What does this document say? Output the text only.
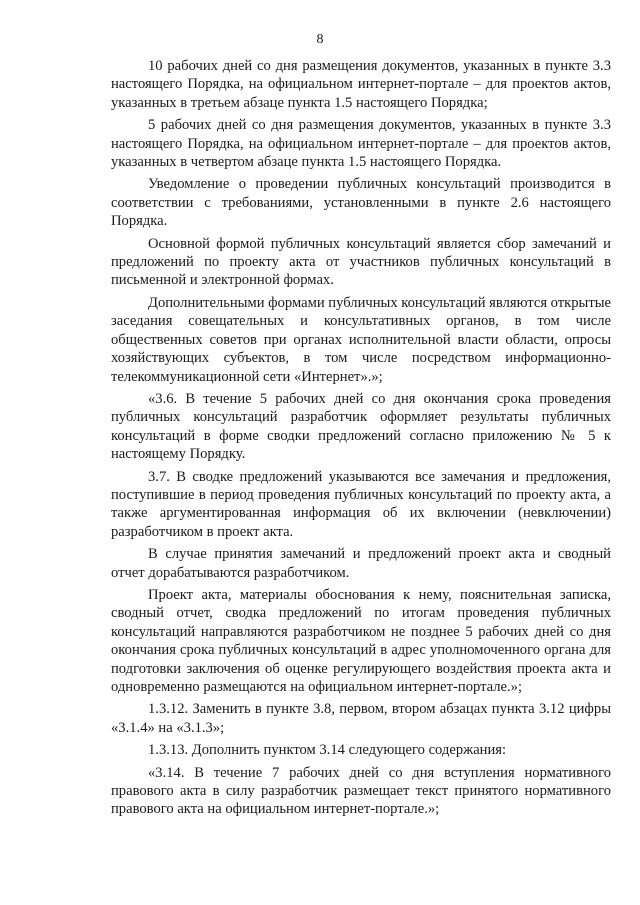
8

10 рабочих дней со дня размещения документов, указанных в пункте 3.3 настоящего Порядка, на официальном интернет-портале – для проектов актов, указанных в третьем абзаце пункта 1.5 настоящего Порядка;

5 рабочих дней со дня размещения документов, указанных в пункте 3.3 настоящего Порядка, на официальном интернет-портале – для проектов актов, указанных в четвертом абзаце пункта 1.5 настоящего Порядка.

Уведомление о проведении публичных консультаций производится в соответствии с требованиями, установленными в пункте 2.6 настоящего Порядка.

Основной формой публичных консультаций является сбор замечаний и предложений по проекту акта от участников публичных консультаций в письменной и электронной формах.

Дополнительными формами публичных консультаций являются открытые заседания совещательных и консультативных органов, в том числе общественных советов при органах исполнительной власти области, опросы хозяйствующих субъектов, в том числе посредством информационно-телекоммуникационной сети «Интернет».»;

«3.6. В течение 5 рабочих дней со дня окончания срока проведения публичных консультаций разработчик оформляет результаты публичных консультаций в форме сводки предложений согласно приложению № 5 к настоящему Порядку.

3.7. В сводке предложений указываются все замечания и предложения, поступившие в период проведения публичных консультаций по проекту акта, а также аргументированная информация об их включении (невключении) разработчиком в проект акта.

В случае принятия замечаний и предложений проект акта и сводный отчет дорабатываются разработчиком.

Проект акта, материалы обоснования к нему, пояснительная записка, сводный отчет, сводка предложений по итогам проведения публичных консультаций направляются разработчиком не позднее 5 рабочих дней со дня окончания срока публичных консультаций в адрес уполномоченного органа для подготовки заключения об оценке регулирующего воздействия проекта акта и одновременно размещаются на официальном интернет-портале.»;

1.3.12. Заменить в пункте 3.8, первом, втором абзацах пункта 3.12 цифры «3.1.4» на «3.1.3»;

1.3.13. Дополнить пунктом 3.14 следующего содержания:

«3.14. В течение 7 рабочих дней со дня вступления нормативного правового акта в силу разработчик размещает текст принятого нормативного правового акта на официальном интернет-портале.»;
